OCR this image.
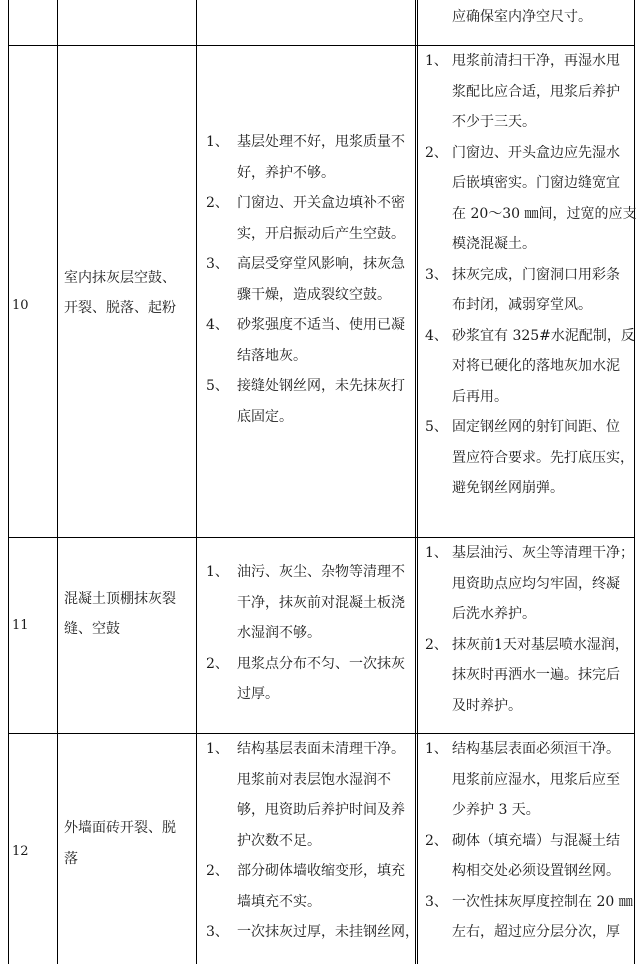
应确保室内净空尺寸。
10
室内抹灰层空鼓、
开裂、脱落、起粉
1、 基层处理不好，甩浆质量不
好，养护不够。
2、 门窗边、开关盒边填补不密
实，开启振动后产生空鼓。
3、 高层受穿堂风影响，抹灰急
骤干燥，造成裂纹空鼓。
4、 砂浆强度不适当、使用已凝
结落地灰。
5、 接缝处钢丝网，未先抹灰打
底固定。
1、 甩浆前清扫干净，再湿水甩
浆配比应合适，甩浆后养护
不少于三天。
2、 门窗边、开头盒边应先湿水
后嵌填密实。门窗边缝宽宜
在 20～30 ㎜间，过宽的应支
模浇混凝土。
3、 抹灰完成，门窗洞口用彩条
布封闭，减弱穿堂风。
4、 砂浆宜有 325#水泥配制，反
对将已硬化的落地灰加水泥
后再用。
5、 固定钢丝网的射钉间距、位
置应符合要求。先打底压实，
避免钢丝网崩弹。
11
混凝土顶棚抹灰裂
缝、空鼓
1、 油污、灰尘、杂物等清理不
干净，抹灰前对混凝土板浇
水湿润不够。
2、 甩浆点分布不匀、一次抹灰
过厚。
1、 基层油污、灰尘等清理干净；
甩资助点应均匀牢固，终凝
后洗水养护。
2、 抹灰前1天对基层喷水湿润，
抹灰时再洒水一遍。抹完后
及时养护。
12
外墙面砖开裂、脱
落
1、 结构基层表面未清理干净。
甩浆前对表层饱水湿润不
够，甩资助后养护时间及养
护次数不足。
2、 部分砌体墙收缩变形，填充
墙填充不实。
3、 一次抹灰过厚，未挂钢丝网，
1、 结构基层表面必须洹干净。
甩浆前应湿水，甩浆后应至
少养护 3 天。
2、 砌体（填充墙）与混凝土结
构相交处必须设置钢丝网。
3、 一次性抹灰厚度控制在 20 ㎜
左右，超过应分层分次，厚
